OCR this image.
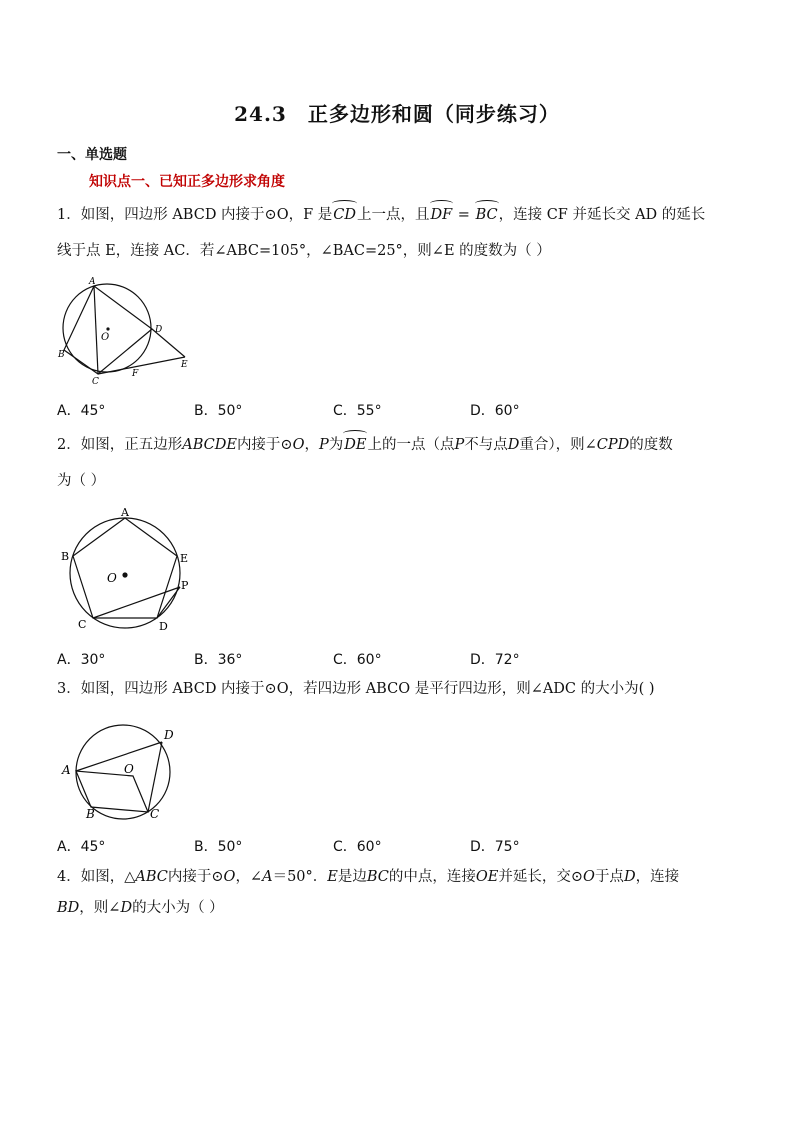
24.3　正多边形和圆（同步练习）
一、单选题
知识点一、已知正多边形求角度
1．如图，四边形 ABCD 内接于⊙O，F 是CD上一点，且DF = BC，连接 CF 并延长交 AD 的延长
线于点 E，连接 AC．若∠ABC=105°，∠BAC=25°，则∠E 的度数为（ ）
A
B
C
D
E
F
O
A．45°	B．50°	C．55°	D．60°
2．如图，正五边形ABCDE内接于⊙O，P为DE上的一点（点P不与点D重合），则∠CPD的度数
为（ ）
A
B
C	D
E
P
O
A．30°	B．36°	C．60°	D．72°
3．如图，四边形 ABCD 内接于⊙O，若四边形 ABCO 是平行四边形，则∠ADC 的大小为( )
A
B	C
D
O
A．45°	B．50°	C．60°	D．75°
4．如图，△ABC内接于⊙O，∠A＝50°．E是边BC的中点，连接OE并延长，交⊙O于点D，连接
BD，则∠D的大小为（ ）
